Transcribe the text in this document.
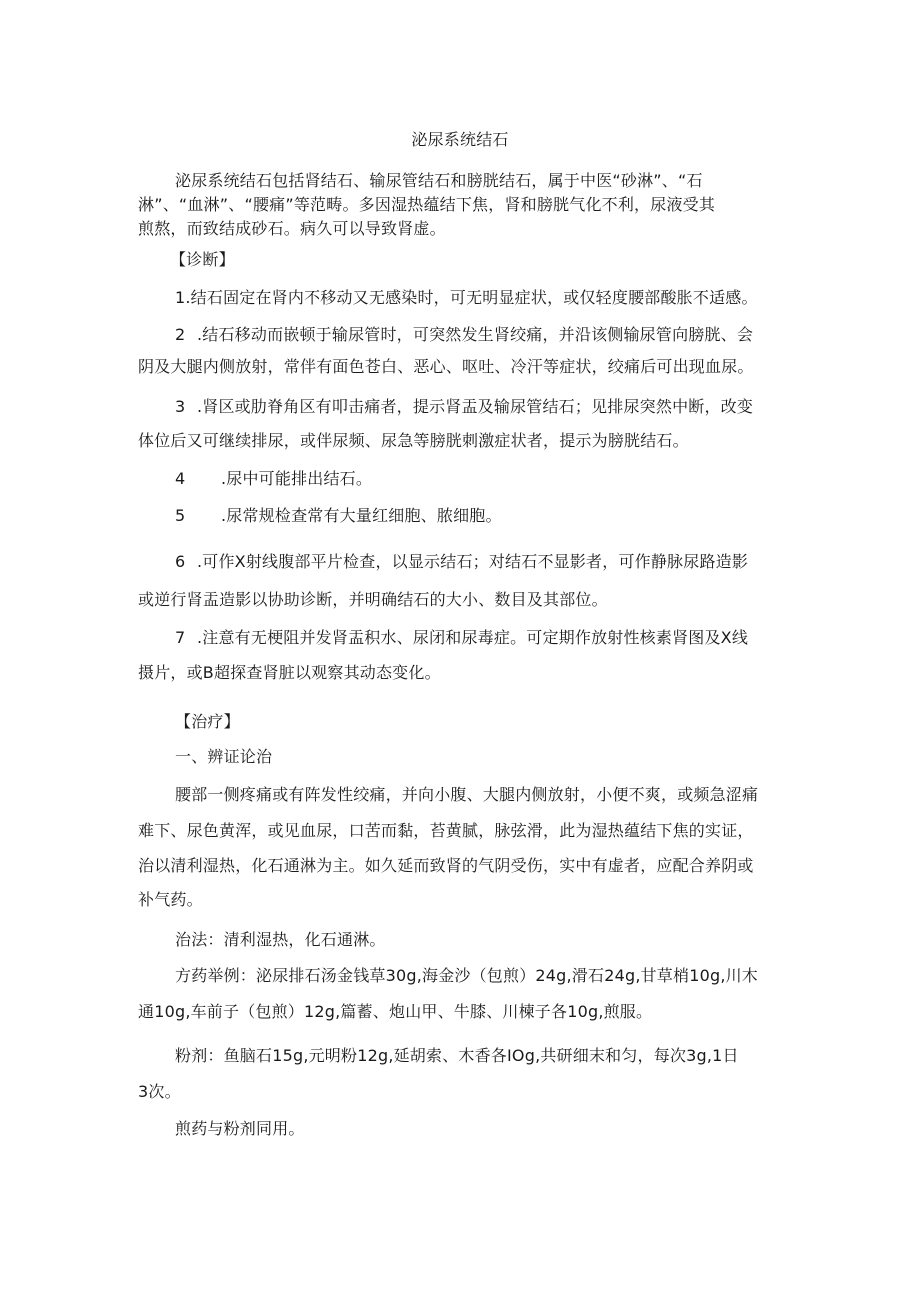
泌尿系统结石
泌尿系统结石包括肾结石、输尿管结石和膀胱结石，属于中医“砂淋”、“石
淋”、“血淋”、“腰痛”等范畴。多因湿热蕴结下焦，肾和膀胱气化不利，尿液受其
煎熬，而致结成砂石。病久可以导致肾虚。
【诊断】
1.结石固定在肾内不移动又无感染时，可无明显症状，或仅轻度腰部酸胀不适感。
2 .结石移动而嵌顿于输尿管时，可突然发生肾绞痛，并沿该侧输尿管向膀胱、会
阴及大腿内侧放射，常伴有面色苍白、恶心、呕吐、冷汗等症状，绞痛后可出现血尿。
3 .肾区或肋脊角区有叩击痛者，提示肾盂及输尿管结石；见排尿突然中断，改变
体位后又可继续排尿，或伴尿频、尿急等膀胱刺激症状者，提示为膀胱结石。
4 .尿中可能排出结石。
5 .尿常规检查常有大量红细胞、脓细胞。
6 .可作X射线腹部平片检查，以显示结石；对结石不显影者，可作静脉尿路造影
或逆行肾盂造影以协助诊断，并明确结石的大小、数目及其部位。
7 .注意有无梗阻并发肾盂积水、尿闭和尿毒症。可定期作放射性核素肾图及X线
摄片，或B超探查肾脏以观察其动态变化。
【治疗】
一、辨证论治
腰部一侧疼痛或有阵发性绞痛，并向小腹、大腿内侧放射，小便不爽，或频急涩痛
难下、尿色黄浑，或见血尿，口苦而黏，苔黄腻，脉弦滑，此为湿热蕴结下焦的实证，
治以清利湿热，化石通淋为主。如久延而致肾的气阴受伤，实中有虚者，应配合养阴或
补气药。
治法：清利湿热，化石通淋。
方药举例：泌尿排石汤金钱草30g,海金沙（包煎）24g,滑石24g,甘草梢10g,川木
通10g,车前子（包煎）12g,篇蓄、炮山甲、牛膝、川楝子各10g,煎服。
粉剂：鱼脑石15g,元明粉12g,延胡索、木香各IOg,共研细末和匀，每次3g,1日
3次。
煎药与粉剂同用。
